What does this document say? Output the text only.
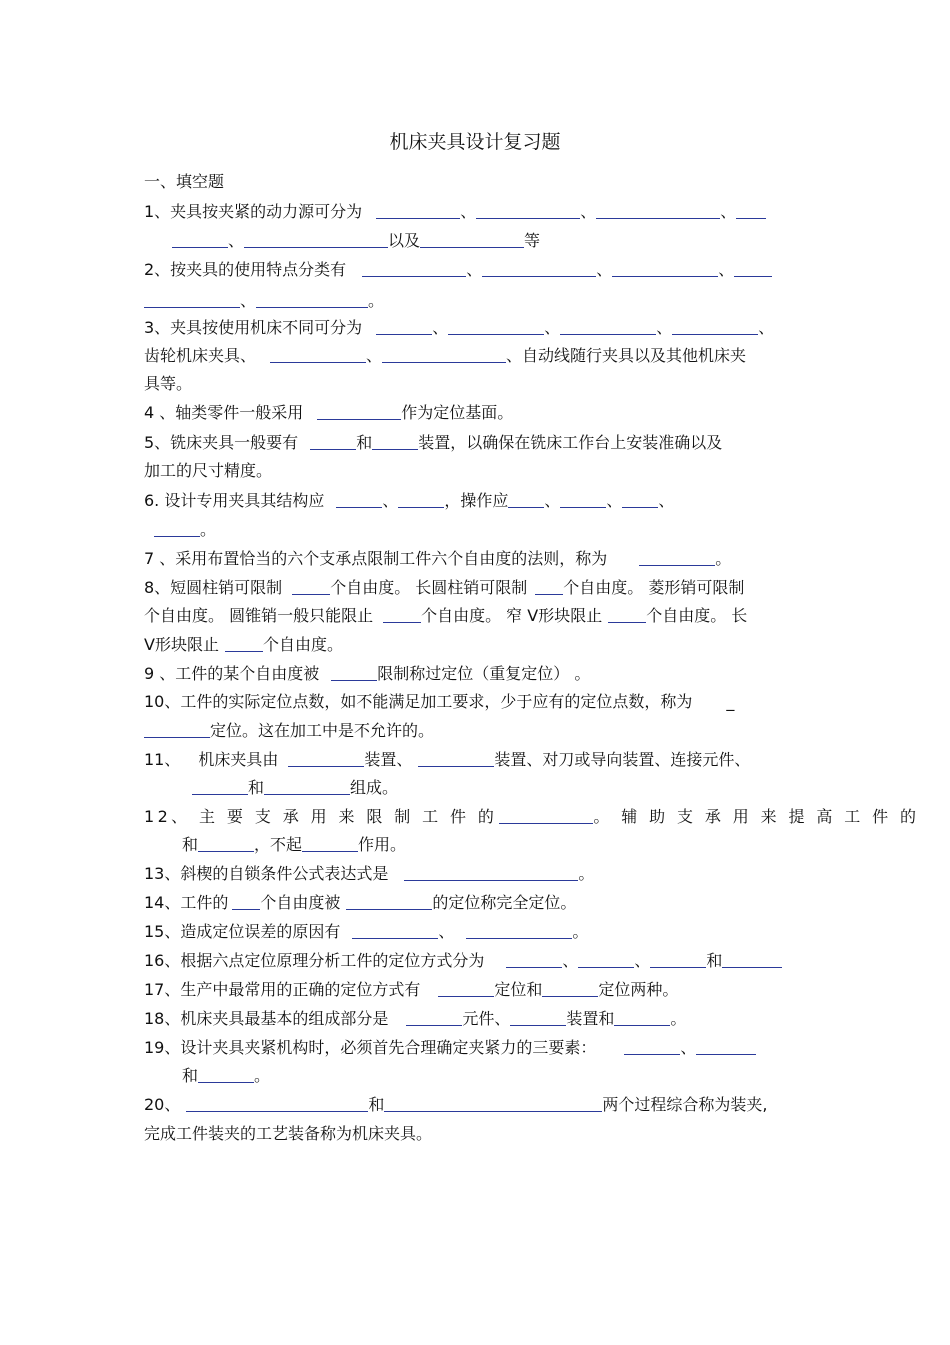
机床夹具设计复习题
一、填空题
1、夹具按夹紧的动力源可分为	、	、	、
、	以及	等
2、按夹具的使用特点分类有	、	、	、
、	。
3、夹具按使用机床不同可分为	、	、	、	、
齿轮机床夹具、	、	、自动线随行夹具以及其他机床夹
具等。
4 、轴类零件一般采用	作为定位基面。
5、铣床夹具一般要有	和	装置，以确保在铣床工作台上安装准确以及
加工的尺寸精度。
6. 设计专用夹具其结构应	、	，操作应 、	、 、
。
7 、采用布置恰当的六个支承点限制工件六个自由度的法则，称为	。
8、短圆柱销可限制	个自由度。 长圆柱销可限制 个自由度。 菱形销可限制
个自由度。 圆锥销一般只能限止	个自由度。 窄 V形块限止	个自由度。 长
V形块限止	个自由度。
9 、工件的某个自由度被	限制称过定位（重复定位） 。
10、工件的实际定位点数，如不能满足加工要求，少于应有的定位点数，称为 _
定位。这在加工中是不允许的。
11、 机床夹具由	装置、	装置、对刀或导向装置、连接元件、
和	组成。
12、 主 要 支 承 用 来 限 制 工 件 的	。 辅 助 支 承 用 来 提 高 工 件 的
和	，不起	作用。
13、斜楔的自锁条件公式表达式是	。
14、工件的 个自由度被	的定位称完全定位。
15、造成定位误差的原因有	、	。
16、根据六点定位原理分析工件的定位方式分为	、	、	和
17、生产中最常用的正确的定位方式有	定位和	定位两种。
18、机床夹具最基本的组成部分是	元件、	装置和	。
19、设计夹具夹紧机构时，必须首先合理确定夹紧力的三要素：	、
和	。
20、	和	两个过程综合称为装夹,
完成工件装夹的工艺装备称为机床夹具。
